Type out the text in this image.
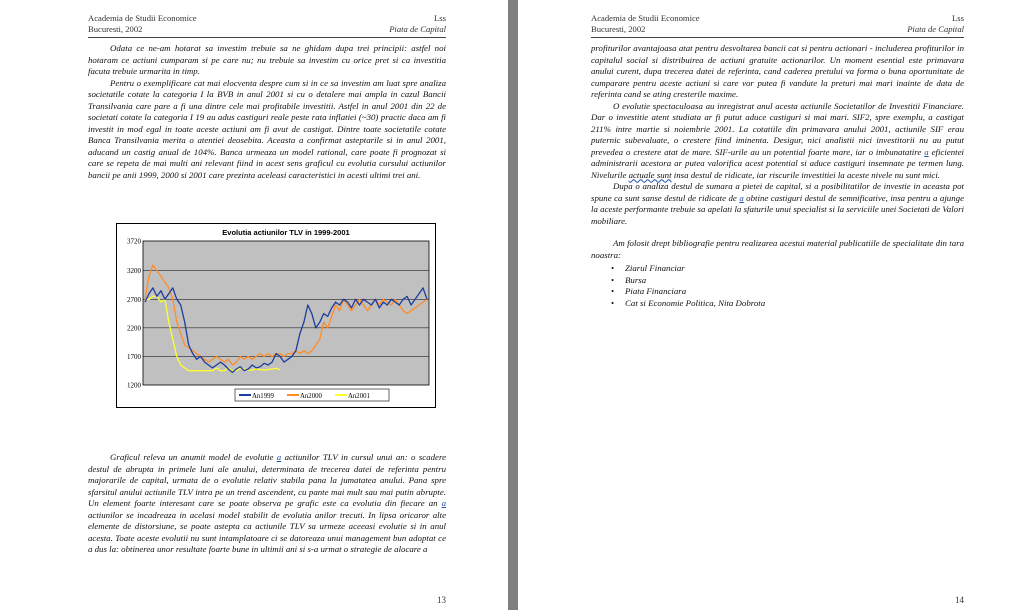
Academia de Studii Economice
Bucuresti, 2002
Lss
Piata de Capital

Odata ce ne-am hotarat sa investim trebuie sa ne ghidam dupa trei principii: astfel noi hotaram ce actiuni cumparam si pe care nu; nu trebuie sa investim cu orice pret si ca investitia facuta trebuie urmarita in timp.

Pentru o exemplificare cat mai elocventa despre cum si in ce sa investim am luat spre analiza societatile cotate la categoria I la BVB in anul 2001 si cu o detalere mai ampla in cazul Bancii Transilvania care pare a fi una dintre cele mai profitabile investitii. Astfel in anul 2001 din 22 de societati cotate la categoria I 19 au adus castiguri reale peste rata inflatiei (~30) practic daca am fi investit in mod egal in toate aceste actiuni am fi avut de castigat. Dintre toate societatile cotate Banca Transilvania merita o atentiei deosebita. Aceasta a confirmat asteptarile si in anul 2001, aducand un castig anual de 104%. Banca urmeaza un model rational, care poate fi prognozat si care se repeta de mai multi ani relevant fiind in acest sens graficul cu evolutia cursului actiunilor bancii pe anii 1999, 2000 si 2001 care prezinta aceleasi caracteristici in acesti ultimi trei ani.

Evolutia actiunilor TLV in 1999-2001
1200
1700
2200
2700
3200
3720
An1999	An2000	An2001

Graficul releva un anumit model de evolutie a actiunilor TLV in cursul unui an: o scadere destul de abrupta in primele luni ale anului, determinata de trecerea datei de referinta pentru majorarile de capital, urmata de o evolutie relativ stabila pana la jumatatea anului. Pana spre sfarsitul anului actiunile TLV intra pe un trend ascendent, cu pante mai mult sau mai putin abrupte. Un element foarte interesant care se poate observa pe grafic este ca evolutia din fiecare an a actiunilor se incadreaza in acelasi model stabilit de evolutia anilor trecuti. In lipsa oricaror alte elemente de distorsiune, se poate astepta ca actiunile TLV sa urmeze aceeasi evolutie si in anul acesta. Toate aceste evolutii nu sunt intamplatoare ci se datoreaza unui management bun adoptat ce a dus la: obtinerea unor resultate foarte bune in ultimii ani si s-a urmat o strategie de alocare a

13
Academia de Studii Economice
Bucuresti, 2002
Lss
Piata de Capital

profiturilor avantajoasa atat pentru desvoltarea bancii cat si pentru actionari - includerea profiturilor in capitalul social si distribuirea de actiuni gratuite actionarilor. Un moment esential este primavara anului curent, dupa trecerea datei de referinta, cand caderea pretului va forma o buna oportunitate de cumparare pentru aceste actiuni si care vor putea fi vandute la preturi mai mari inainte de data de referinta cand se ating cresterile maxime.

O evolutie spectaculoasa au inregistrat anul acesta actiunile Societatilor de Investitii Financiare. Dar o investitie atent studiata ar fi putut aduce castiguri si mai mari. SIF2, spre exemplu, a castigat 211% intre martie si noiembrie 2001. La cotatiile din primavara anului 2001, actiunile SIF erau puternic subevaluate, o crestere fiind iminenta. Desigur, nici analistii nici investitorii nu au putut prevedea o crestere atat de mare. SIF-urile au un potential foarte mare, iar o imbunatatire a eficientei administrarii acestora ar putea valorifica acest potential si aduce castiguri insemnate pe termen lung. Nivelurile actuale sunt insa destul de ridicate, iar riscurile investitiei la aceste nivele nu sunt mici.

Dupa o analiza destul de sumara a pietei de capital, si a posibilitatilor de investie in aceasta pot spune ca sunt sanse destul de ridicate de a obtine castiguri destul de semnificative, insa pentru a ajunge la aceste performante trebuie sa apelati la sfaturile unui specialist si la serviciile unei Societati de Valori mobiliare.

Am folosit drept bibliografie pentru realizarea acestui material publicatiile de specialitate din tara noastra:

• Ziarul Financiar
• Bursa
• Piata Financiara
• Cat si Economie Politica, Nita Dobrota
14
